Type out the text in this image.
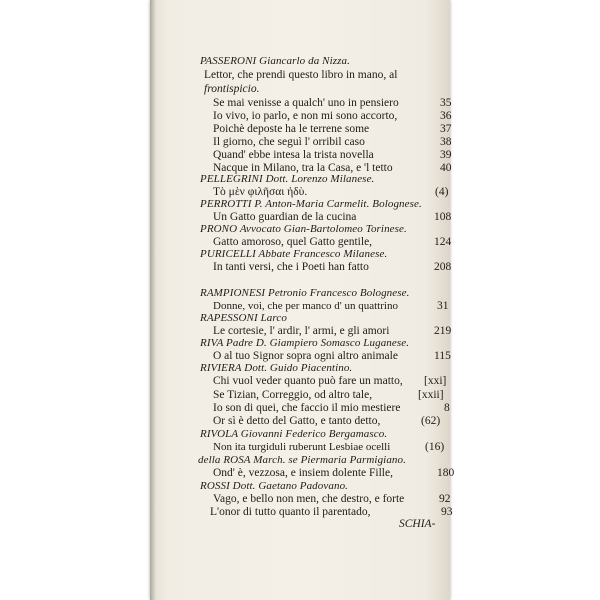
PASSERONI Giancarlo da Nizza.
Lettor, che prendi questo libro in mano, al
frontispicio.
Se mai venisse a qualch' uno in pensiero	35
Io vivo, io parlo, e non mi sono accorto,	36
Poichè deposte ha le terrene some	37
Il giorno, che seguì l' orribil caso	38
Quand' ebbe intesa la trista novella	39
Nacque in Milano, tra la Casa, e 'l tetto	40
PELLEGRINI Dott. Lorenzo Milanese.
Τὸ μὲν φιλῆσαι ἡδὺ.	(4)
PERROTTI P. Anton-Maria Carmelit. Bolognese.
Un Gatto guardian de la cucina	108
PRONO Avvocato Gian-Bartolomeo Torinese.
Gatto amoroso, quel Gatto gentile,	124
PURICELLI Abbate Francesco Milanese.
In tanti versi, che i Poeti han fatto	208
RAMPIONESI Petronio Francesco Bolognese.
Donne, voi, che per manco d' un quattrino	31
RAPESSONI Larco
Le cortesie, l' ardir, l' armi, e gli amori	219
RIVA Padre D. Giampiero Somasco Luganese.
O al tuo Signor sopra ogni altro animale	115
RIVIERA Dott. Guido Piacentino.
Chi vuol veder quanto può fare un matto, [xxi]
Se Tizian, Correggio, od altro tale,	[xxii]
Io son di quei, che faccio il mio mestiere	8
Or sì è detto del Gatto, e tanto detto,	(62)
RIVOLA Giovanni Federico Bergamasco.
Non ita turgiduli ruberunt Lesbiae ocelli	(16)
della ROSA March. se Piermaria Parmigiano.
Ond' è, vezzosa, e insiem dolente Fille,	180
ROSSI Dott. Gaetano Padovano.
Vago, e bello non men, che destro, e forte	92
L'onor di tutto quanto il parentado,	93
SCHIA-
